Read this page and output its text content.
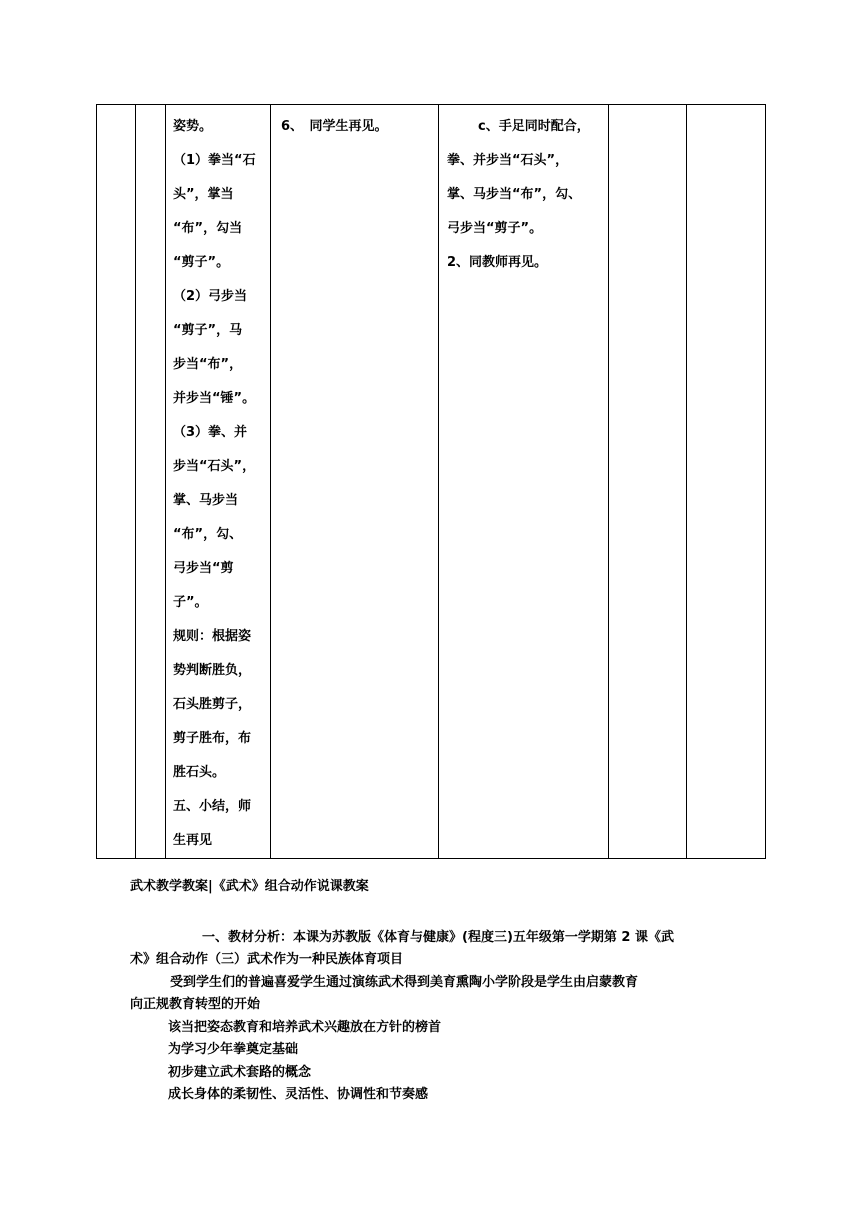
姿势。
（1）拳当“石
头”，掌当
“布”，勾当
“剪子”。
（2）弓步当
“剪子”，马
步当“布”，
并步当“锤”。
（3）拳、并
步当“石头”，
掌、马步当
“布”，勾、
弓步当“剪
子”。
规则：根据姿
势判断胜负，
石头胜剪子，
剪子胜布，布
胜石头。
五、小结，师
生再见

6、　同学生再见。	c、手足同时配合，
拳、并步当“石头”，
掌、马步当“布”，勾、
弓步当“剪子”。
2、同教师再见。

武术教学教案|《武术》组合动作说课教案
一、教材分析：本课为苏教版《体育与健康》(程度三)五年级第一学期第 2 课《武
术》组合动作（三）武术作为一种民族体育项目
受到学生们的普遍喜爱学生通过演练武术得到美育熏陶小学阶段是学生由启蒙教育
向正规教育转型的开始
该当把姿态教育和培养武术兴趣放在方针的榜首
为学习少年拳奠定基础
初步建立武术套路的概念
成长身体的柔韧性、灵活性、协调性和节奏感
